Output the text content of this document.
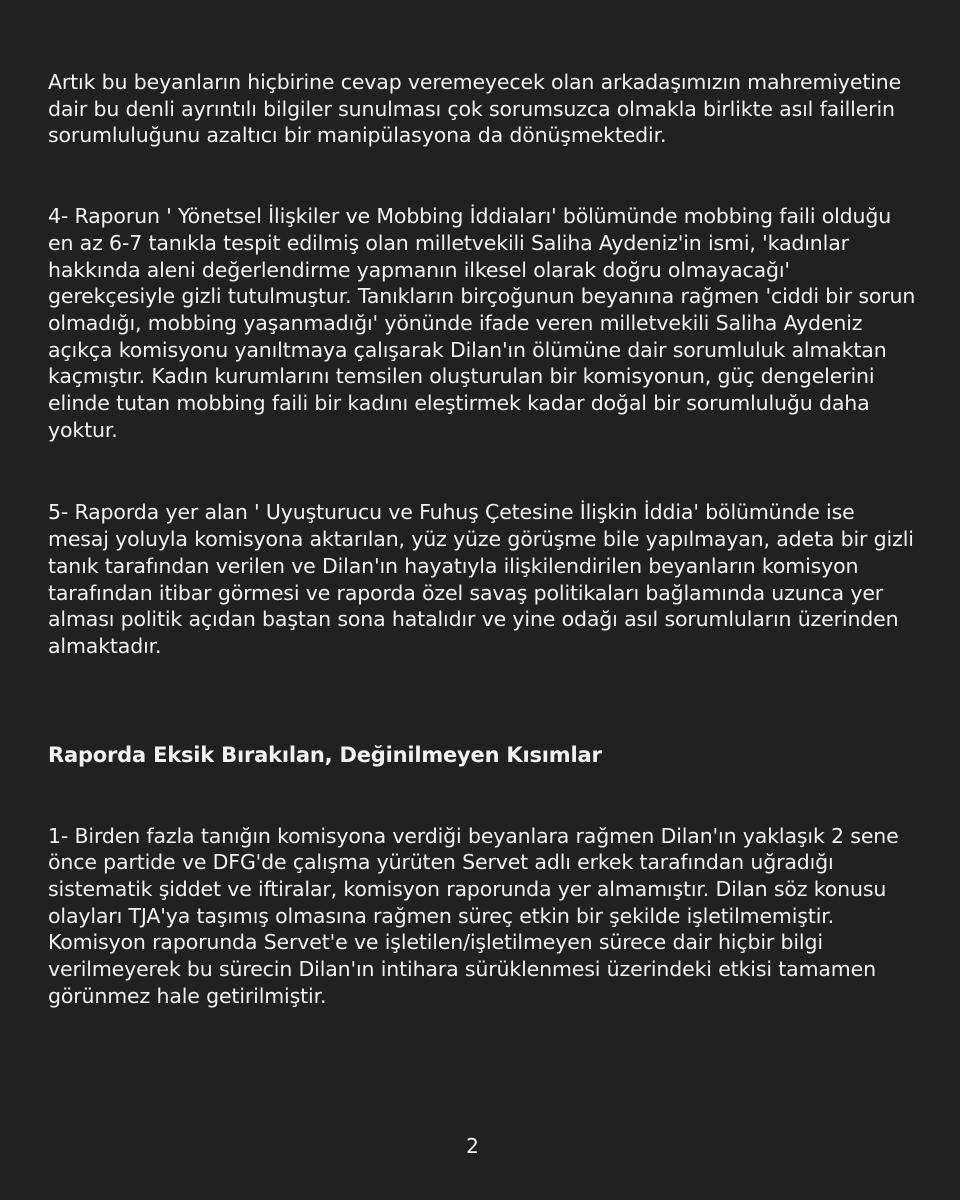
Artık bu beyanların hiçbirine cevap veremeyecek olan arkadaşımızın mahremiyetine dair bu denli ayrıntılı bilgiler sunulması çok sorumsuzca olmakla birlikte asıl faillerin sorumluluğunu azaltıcı bir manipülasyona da dönüşmektedir.

4- Raporun ' Yönetsel İlişkiler ve Mobbing İddiaları' bölümünde mobbing faili olduğu en az 6-7 tanıkla tespit edilmiş olan milletvekili Saliha Aydeniz'in ismi, 'kadınlar hakkında aleni değerlendirme yapmanın ilkesel olarak doğru olmayacağı' gerekçesiyle gizli tutulmuştur. Tanıkların birçoğunun beyanına rağmen 'ciddi bir sorun olmadığı, mobbing yaşanmadığı' yönünde ifade veren milletvekili Saliha Aydeniz açıkça komisyonu yanıltmaya çalışarak Dilan'ın ölümüne dair sorumluluk almaktan kaçmıştır. Kadın kurumlarını temsilen oluşturulan bir komisyonun, güç dengelerini elinde tutan mobbing faili bir kadını eleştirmek kadar doğal bir sorumluluğu daha yoktur.

5- Raporda yer alan ' Uyuşturucu ve Fuhuş Çetesine İlişkin İddia' bölümünde ise mesaj yoluyla komisyona aktarılan, yüz yüze görüşme bile yapılmayan, adeta bir gizli tanık tarafından verilen ve Dilan'ın hayatıyla ilişkilendirilen beyanların komisyon tarafından itibar görmesi ve raporda özel savaş politikaları bağlamında uzunca yer alması politik açıdan baştan sona hatalıdır ve yine odağı asıl sorumluların üzerinden almaktadır.

Raporda Eksik Bırakılan, Değinilmeyen Kısımlar

1- Birden fazla tanığın komisyona verdiği beyanlara rağmen Dilan'ın yaklaşık 2 sene önce partide ve DFG'de çalışma yürüten Servet adlı erkek tarafından uğradığı sistematik şiddet ve iftiralar, komisyon raporunda yer almamıştır. Dilan söz konusu olayları TJA'ya taşımış olmasına rağmen süreç etkin bir şekilde işletilmemiştir. Komisyon raporunda Servet'e ve işletilen/işletilmeyen sürece dair hiçbir bilgi verilmeyerek bu sürecin Dilan'ın intihara sürüklenmesi üzerindeki etkisi tamamen görünmez hale getirilmiştir.

2
